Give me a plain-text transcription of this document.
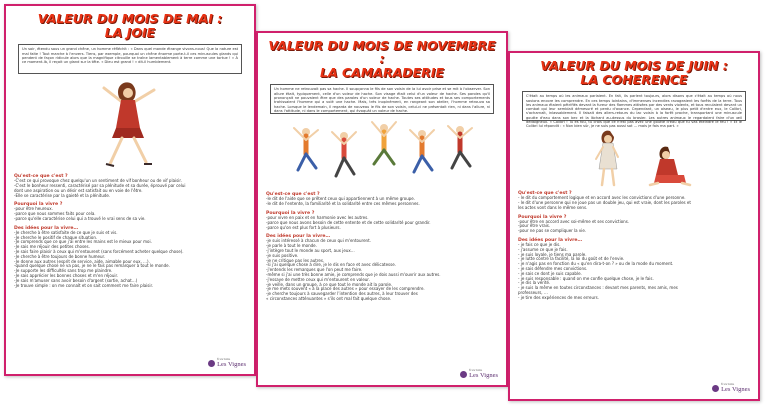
VALEUR DU MOIS DE MAI :
LA JOIE
Un soir, étendu sous un grand chêne, un homme réfléchit : « Dans quel monde étrange vivons-nous! Que la nature est mal faite ! Tout marche à l'envers. Tiens, par exemple, pourquoi un chêne énorme porte-t-il ces minuscules glands qui pendent de façon ridicule alors que la magnifique citrouille se traîne lamentablement à terre comme une tortue ! » À ce moment-là, il reçoit un gland sur la tête. « Dieu est grand ! » dit-il humblement.
Qu'est-ce que c'est ?
-C'est ce qui provoque chez quelqu'un un sentiment de vif bonheur ou de vif plaisir.
-C'est le bonheur ressenti, caractérisé par sa plénitude et sa durée, éprouvé par celui
dont une aspiration ou un désir est satisfait ou en voie de l'être.
-Elle se caractérise par la gaieté et la plénitude.
Pourquoi la vivre ?
-pour être heureux.
-parce que nous sommes faits pour cela.
-parce qu'elle caractérise celui qui a trouvé le vrai sens de sa vie.
Des idées pour la vivre…
-Je cherche à être satisfaite de ce que je suis et vis.
-Je cherche le positif de chaque situation.
-Je comprends que ce que j'ai entre les mains est le mieux pour moi.
-Je sais me réjouir des petites choses.
-Je sais faire plaisir à ceux qui m'entourent (sans forcément acheter quelque chose).
-Je cherche à être toujours de bonne humeur.
-Je donne aux autres (esprit de service, aide, aimable pour eux, …).
-quand quelque chose ne va pas, je ne le fais pas remarquer à tout le monde.
-Je supporte les difficultés sans trop me plaindre.
-Je sais apprécier les bonnes choses et m'en réjouir.
-Je sais m'amuser sans avoir besoin d'argent (sortie, achat…)
-Je trouve simple : on me connaît et on sait comment me faire plaisir.
École Sainte
Les Vignes
VALEUR DU MOIS DE NOVEMBRE :
LA CAMARADERIE
Un homme ne retrouvait pas sa hache. Il soupçonna le fils de son voisin de la lui avoir prise et se mit à l'observer. Son allure était, typiquement, celle d'un voleur de hache. Son visage était celui d'un voleur de hache. Ses paroles qu'il prononçait ne pouvaient être que des paroles d'un voleur de hache. Toutes ses attitudes et tous ses comportements trahissaient l'homme qui a volé une hache. Mais, très inopinément, en rangeant son atelier, l'homme retrouva sa hache. Lorsque le lendemain, il regarda de nouveau le fils de son voisin, celui-ci ne présentait rien, ni dans l'allure, ni dans l'attitude, ni dans le comportement, qui évoquât un voleur de hache.
Qu'est-ce que c'est ?
-le dit de l'aide que se prêtent ceux qui appartiennent à un même groupe.
-le dit de l'entente, la familiarité et la solidarité entre ces mêmes personnes.
Pourquoi la vivre ?
-pour vivre en paix et en harmonie avec les autres.
-parce que nous avons besoin de cette entente et de cette solidarité pour grandir.
-parce qu'on est plus fort à plusieurs.
Des idées pour la vivre…
-je suis intéressé à chacun de ceux qui m'entourent.
-je parle à tout le monde.
-j'intègre tout le monde au sport, aux jeux…
-je suis positive.
-je ne critique pas les autres.
-si j'ai quelque chose à dire, je le dis en face et avec délicatesse.
-j'entends les remarques que l'on peut me faire.
-même si j'ai une très bonne amie, je comprends que je dois aussi m'ouvrir aux autres.
-j'essaye de mettre ceux qui m'entourent en valeur.
-je veille, dans un groupe, à ce que tout le monde ait la parole.
-je me mets souvent « à la place des autres » pour essayer de les comprendre.
-je cherche toujours à sauvegarder l'intention des autres, à leur trouver des
« circonstances atténuantes » s'ils ont mal fait quelque chose.
École Sainte
Les Vignes
VALEUR DU MOIS DE JUIN :
LA COHERENCE
C'était au temps où les animaux parlaient. En fait, ils parlent toujours, alors disons que c'était au temps où nous savions encore les comprendre. En ces temps lointains, d'immenses incendies ravageaient les forêts de la terre. Tous les animaux étaient pétrifiés devant la fureur des flammes attisées par des vents violents, et tous reculaient devant un combat qui leur semblait démesuré et perdu d'avance. Cependant, un oiseau, le plus petit d'entre eux, le Colibri, s'acharnait, inlassablement. Il faisait des allers-retours du lac voisin à la forêt proche, transportant une minuscule goutte d'eau dans son bec et la lâchant au-dessus du brasier. Les autres animaux le regardaient faire d'un œil dédaigneux. « Colibri ! Tu es fou, tu crois que ce n'est pas avec une goutte d'eau que tu vas éteindre le feu ! » Et le Colibri lui répondit : « Non bien sûr, je ne suis pas aussi sot … mais je fais ma part. »
Qu'est-ce que c'est ?
- le dit du comportement logique et en accord avec les convictions d'une personne.
- le dit d'une personne qui ne joue pas un double jeu, qui est vraie, dont les paroles et
les actes vont dans le même sens.
Pourquoi la vivre ?
-pour être en accord avec soi-même et ses convictions.
-pour être vrais.
-pour ne pas se compliquer la vie.
Des idées pour la vivre…
- je fais ce que je dis.
- j'assume ce que je fais.
- je suis loyale, je tiens ma parole.
- je lutte contre la facilité, la loi du goût et de l'envie.
- je n'agis pas en fonction du « qu'en dira-t-on ? » ou de la mode du moment.
- je sais défendre mes convictions.
- je sais ce dont je suis capable.
- je suis responsable : quand on me confie quelque chose, je le fais.
- je dis la vérité.
- je suis la même en toutes circonstances : devant mes parents, mes amis, mes
professeurs, …
- je tire des expériences de mes erreurs.
École Sainte
Les Vignes
